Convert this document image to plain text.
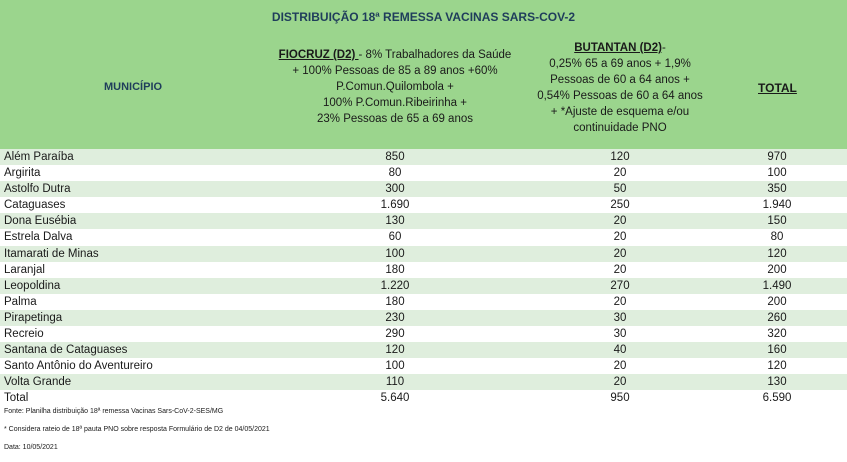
DISTRIBUIÇÃO 18ª REMESSA VACINAS SARS-COV-2
MUNICÍPIO
FIOCRUZ (D2) - 8% Trabalhadores da Saúde
+ 100% Pessoas de 85 a 89 anos +60%
P.Comun.Quilombola +
100% P.Comun.Ribeirinha +
23% Pessoas de 65 a 69 anos
BUTANTAN (D2)-
0,25% 65 a 69 anos + 1,9%
Pessoas de 60 a 64 anos +
0,54% Pessoas de 60 a 64 anos
+ *Ajuste de esquema e/ou
continuidade PNO
TOTAL
Além Paraíba	850	120	970
Argirita	80	20	100
Astolfo Dutra	300	50	350
Cataguases	1.690	250	1.940
Dona Eusébia	130	20	150
Estrela Dalva	60	20	80
Itamarati de Minas	100	20	120
Laranjal	180	20	200
Leopoldina	1.220	270	1.490
Palma	180	20	200
Pirapetinga	230	30	260
Recreio	290	30	320
Santana de Cataguases	120	40	160
Santo Antônio do Aventureiro	100	20	120
Volta Grande	110	20	130
Total	5.640	950	6.590
Fonte: Planilha distribuição 18ª remessa Vacinas Sars-CoV-2-SES/MG
* Considera rateio de 18ª pauta PNO sobre resposta Formulário de D2 de 04/05/2021
Data: 10/05/2021
